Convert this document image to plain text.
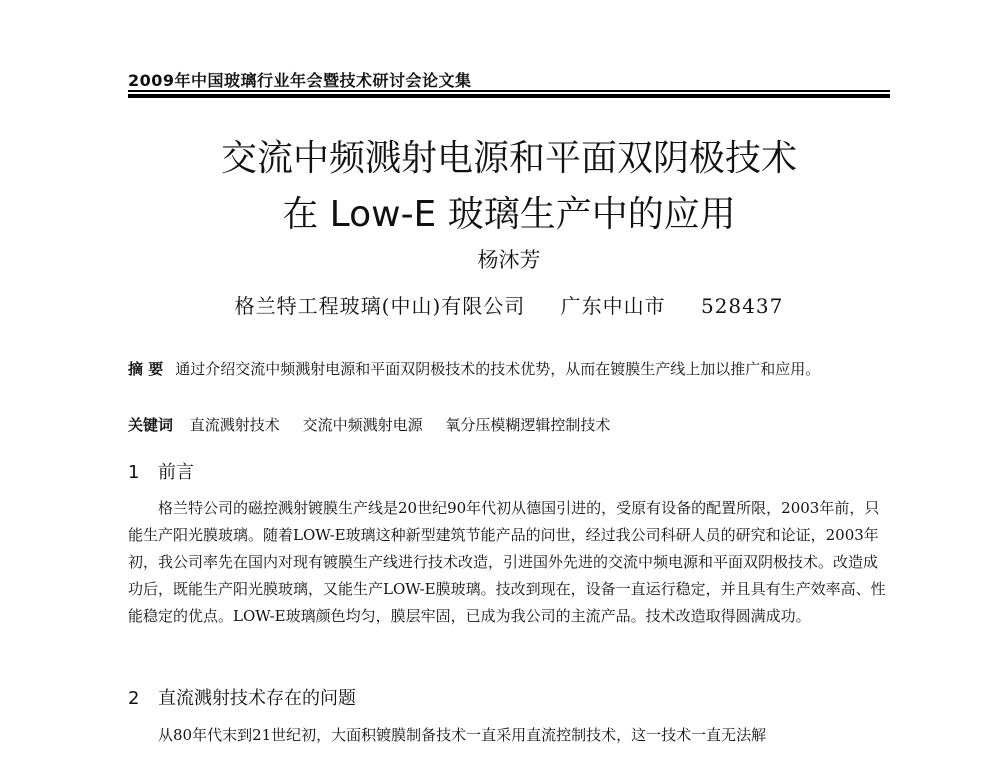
2009年中国玻璃行业年会暨技术研讨会论文集
交流中频溅射电源和平面双阴极技术
在 Low-E 玻璃生产中的应用
杨沐芳
格兰特工程玻璃(中山)有限公司 广东中山市 528437
摘 要 通过介绍交流中频溅射电源和平面双阴极技术的技术优势，从而在镀膜生产线上加以推广和应用。
关键词 直流溅射技术 交流中频溅射电源 氧分压模糊逻辑控制技术
1 前言
格兰特公司的磁控溅射镀膜生产线是20世纪90年代初从德国引进的，受原有设备的配置所限，2003年前，只能生产阳光膜玻璃。随着LOW-E玻璃这种新型建筑节能产品的问世，经过我公司科研人员的研究和论证，2003年初，我公司率先在国内对现有镀膜生产线进行技术改造，引进国外先进的交流中频电源和平面双阴极技术。改造成功后，既能生产阳光膜玻璃，又能生产LOW-E膜玻璃。技改到现在，设备一直运行稳定，并且具有生产效率高、性能稳定的优点。LOW-E玻璃颜色均匀，膜层牢固，已成为我公司的主流产品。技术改造取得圆满成功。
2 直流溅射技术存在的问题
从80年代末到21世纪初，大面积镀膜制备技术一直采用直流控制技术，这一技术一直无法解
